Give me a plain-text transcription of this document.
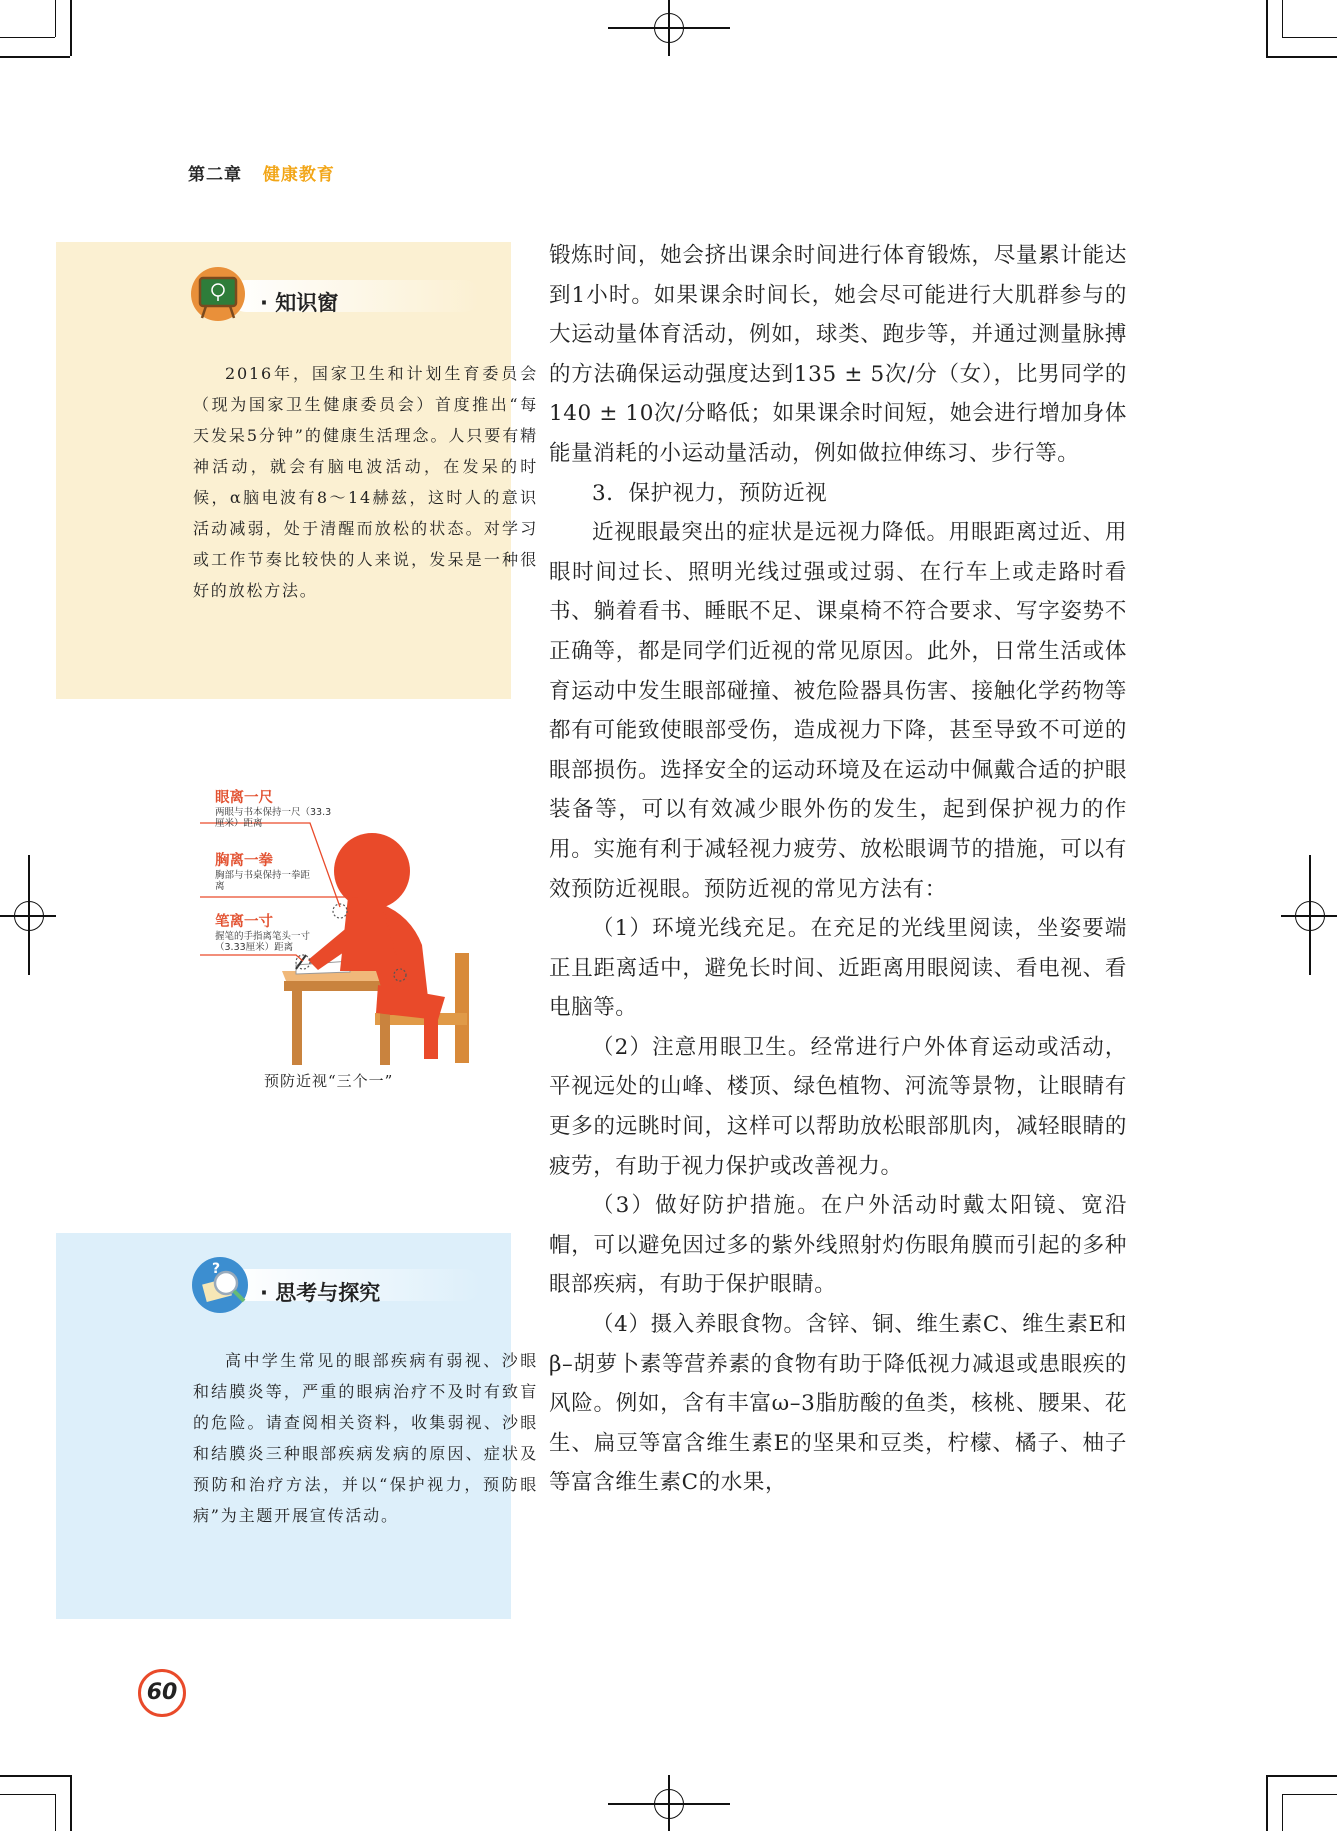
第二章 健康教育
· 知识窗

2016年，国家卫生和计划生育委员会（现为国家卫生健康委员会）首度推出“每天发呆5分钟”的健康生活理念。人只要有精神活动，就会有脑电波活动，在发呆的时候，α脑电波有8～14赫兹，这时人的意识活动减弱，处于清醒而放松的状态。对学习或工作节奏比较快的人来说，发呆是一种很好的放松方法。

眼离一尺
两眼与书本保持一尺（33.3厘米）距离
胸离一拳
胸部与书桌保持一拳距离
笔离一寸
握笔的手指离笔头一寸（3.33厘米）距离
预防近视“三个一”
?
· 思考与探究

高中学生常见的眼部疾病有弱视、沙眼和结膜炎等，严重的眼病治疗不及时有致盲的危险。请查阅相关资料，收集弱视、沙眼和结膜炎三种眼部疾病发病的原因、症状及预防和治疗方法，并以“保护视力，预防眼病”为主题开展宣传活动。

锻炼时间，她会挤出课余时间进行体育锻炼，尽量累计能达到1小时。如果课余时间长，她会尽可能进行大肌群参与的大运动量体育活动，例如，球类、跑步等，并通过测量脉搏的方法确保运动强度达到135 ± 5次/分（女），比男同学的140 ± 10次/分略低；如果课余时间短，她会进行增加身体能量消耗的小运动量活动，例如做拉伸练习、步行等。

3．保护视力，预防近视

近视眼最突出的症状是远视力降低。用眼距离过近、用眼时间过长、照明光线过强或过弱、在行车上或走路时看书、躺着看书、睡眠不足、课桌椅不符合要求、写字姿势不正确等，都是同学们近视的常见原因。此外，日常生活或体育运动中发生眼部碰撞、被危险器具伤害、接触化学药物等都有可能致使眼部受伤，造成视力下降，甚至导致不可逆的眼部损伤。选择安全的运动环境及在运动中佩戴合适的护眼装备等，可以有效减少眼外伤的发生，起到保护视力的作用。实施有利于减轻视力疲劳、放松眼调节的措施，可以有效预防近视眼。预防近视的常见方法有：

（1）环境光线充足。在充足的光线里阅读，坐姿要端正且距离适中，避免长时间、近距离用眼阅读、看电视、看电脑等。

（2）注意用眼卫生。经常进行户外体育运动或活动，平视远处的山峰、楼顶、绿色植物、河流等景物，让眼睛有更多的远眺时间，这样可以帮助放松眼部肌肉，减轻眼睛的疲劳，有助于视力保护或改善视力。

（3）做好防护措施。在户外活动时戴太阳镜、宽沿帽，可以避免因过多的紫外线照射灼伤眼角膜而引起的多种眼部疾病，有助于保护眼睛。

（4）摄入养眼食物。含锌、铜、维生素C、维生素E和β–胡萝卜素等营养素的食物有助于降低视力减退或患眼疾的风险。例如，含有丰富ω–3脂肪酸的鱼类，核桃、腰果、花生、扁豆等富含维生素E的坚果和豆类，柠檬、橘子、柚子等富含维生素C的水果，

60
